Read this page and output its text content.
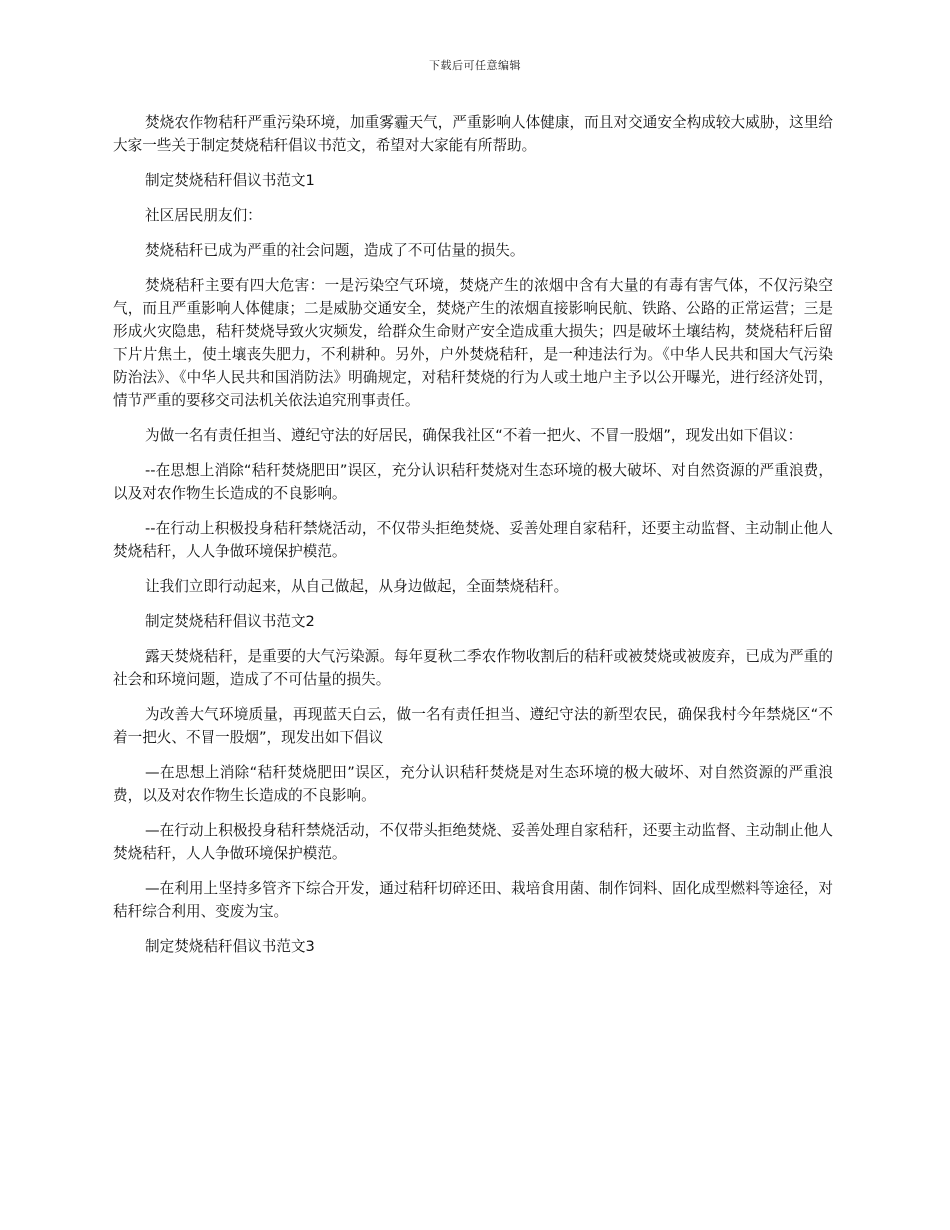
下载后可任意编辑

焚烧农作物秸秆严重污染环境，加重雾霾天气，严重影响人体健康，而且对交通安全构成较大威胁，这里给大家一些关于制定焚烧秸秆倡议书范文，希望对大家能有所帮助。

制定焚烧秸秆倡议书范文1

社区居民朋友们：

焚烧秸秆已成为严重的社会问题，造成了不可估量的损失。

焚烧秸秆主要有四大危害：一是污染空气环境，焚烧产生的浓烟中含有大量的有毒有害气体，不仅污染空气，而且严重影响人体健康；二是威胁交通安全，焚烧产生的浓烟直接影响民航、铁路、公路的正常运营；三是形成火灾隐患，秸秆焚烧导致火灾频发，给群众生命财产安全造成重大损失；四是破坏土壤结构，焚烧秸秆后留下片片焦土，使土壤丧失肥力，不利耕种。另外，户外焚烧秸秆，是一种违法行为。《中华人民共和国大气污染防治法》、《中华人民共和国消防法》明确规定，对秸秆焚烧的行为人或土地户主予以公开曝光，进行经济处罚，情节严重的要移交司法机关依法追究刑事责任。

为做一名有责任担当、遵纪守法的好居民，确保我社区“不着一把火、不冒一股烟”，现发出如下倡议：

--在思想上消除“秸秆焚烧肥田”误区，充分认识秸秆焚烧对生态环境的极大破坏、对自然资源的严重浪费，以及对农作物生长造成的不良影响。

--在行动上积极投身秸秆禁烧活动，不仅带头拒绝焚烧、妥善处理自家秸秆，还要主动监督、主动制止他人焚烧秸秆，人人争做环境保护模范。

让我们立即行动起来，从自己做起，从身边做起，全面禁烧秸秆。

制定焚烧秸秆倡议书范文2

露天焚烧秸秆，是重要的大气污染源。每年夏秋二季农作物收割后的秸秆或被焚烧或被废弃，已成为严重的社会和环境问题，造成了不可估量的损失。

为改善大气环境质量，再现蓝天白云，做一名有责任担当、遵纪守法的新型农民，确保我村今年禁烧区“不着一把火、不冒一股烟”，现发出如下倡议

—在思想上消除“秸秆焚烧肥田”误区，充分认识秸秆焚烧是对生态环境的极大破坏、对自然资源的严重浪费，以及对农作物生长造成的不良影响。

—在行动上积极投身秸秆禁烧活动，不仅带头拒绝焚烧、妥善处理自家秸秆，还要主动监督、主动制止他人焚烧秸秆，人人争做环境保护模范。

—在利用上坚持多管齐下综合开发，通过秸秆切碎还田、栽培食用菌、制作饲料、固化成型燃料等途径，对秸秆综合利用、变废为宝。

制定焚烧秸秆倡议书范文3
